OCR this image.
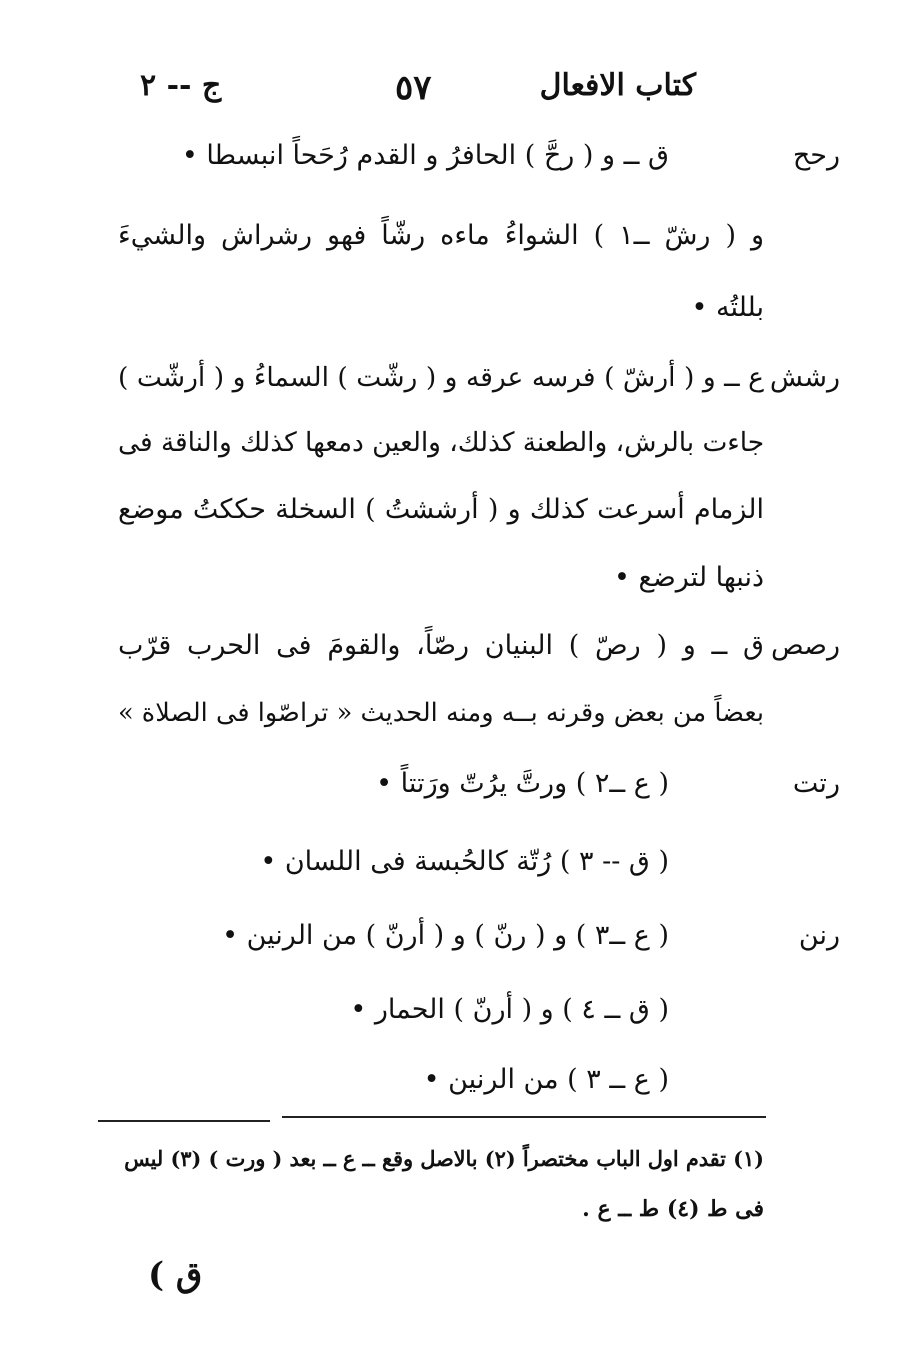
كتاب الافعال
٥٧
ج -- ٢
رحح
ق ــ و ( رحَّ ) الحافرُ و القدم رُحَحاً انبسطا •
و ( رشّ ــ١ ) الشواءُ ماءه رشّاً فهو رشراش والشيءَ
بللتُه •
رشش
ع ــ و ( أرشّ ) فرسه عرقه و ( رشّت ) السماءُ و ( أرشّت )
جاءت بالرش، والطعنة كذلك، والعين دمعها كذلك والناقة فى
الزمام أسرعت كذلك و ( أرششتُ ) السخلة حككتُ موضع
ذنبها لترضع •
رصص
ق ــ و ( رصّ ) البنيان رصّاً، والقومَ فى الحرب قرّب
بعضاً من بعض وقرنه بــه ومنه الحديث « تراصّوا فى الصلاة »
رتت
( ع ــ٢ ) ورتَّ يرُتّ ورَتتاً •
( ق -- ٣ ) رُتّة كالحُبسة فى اللسان •
رنن
( ع ــ٣ ) و ( رنّ ) و ( أرنّ ) من الرنين •
( ق ــ ٤ ) و ( أرنّ ) الحمار •
( ع ــ ٣ ) من الرنين •
(١) تقدم اول الباب مختصراً (٢) بالاصل وقع ــ ع ــ بعد ( ورت ) (٣) ليس
فى ط (٤) ط ــ ع .
ق )
